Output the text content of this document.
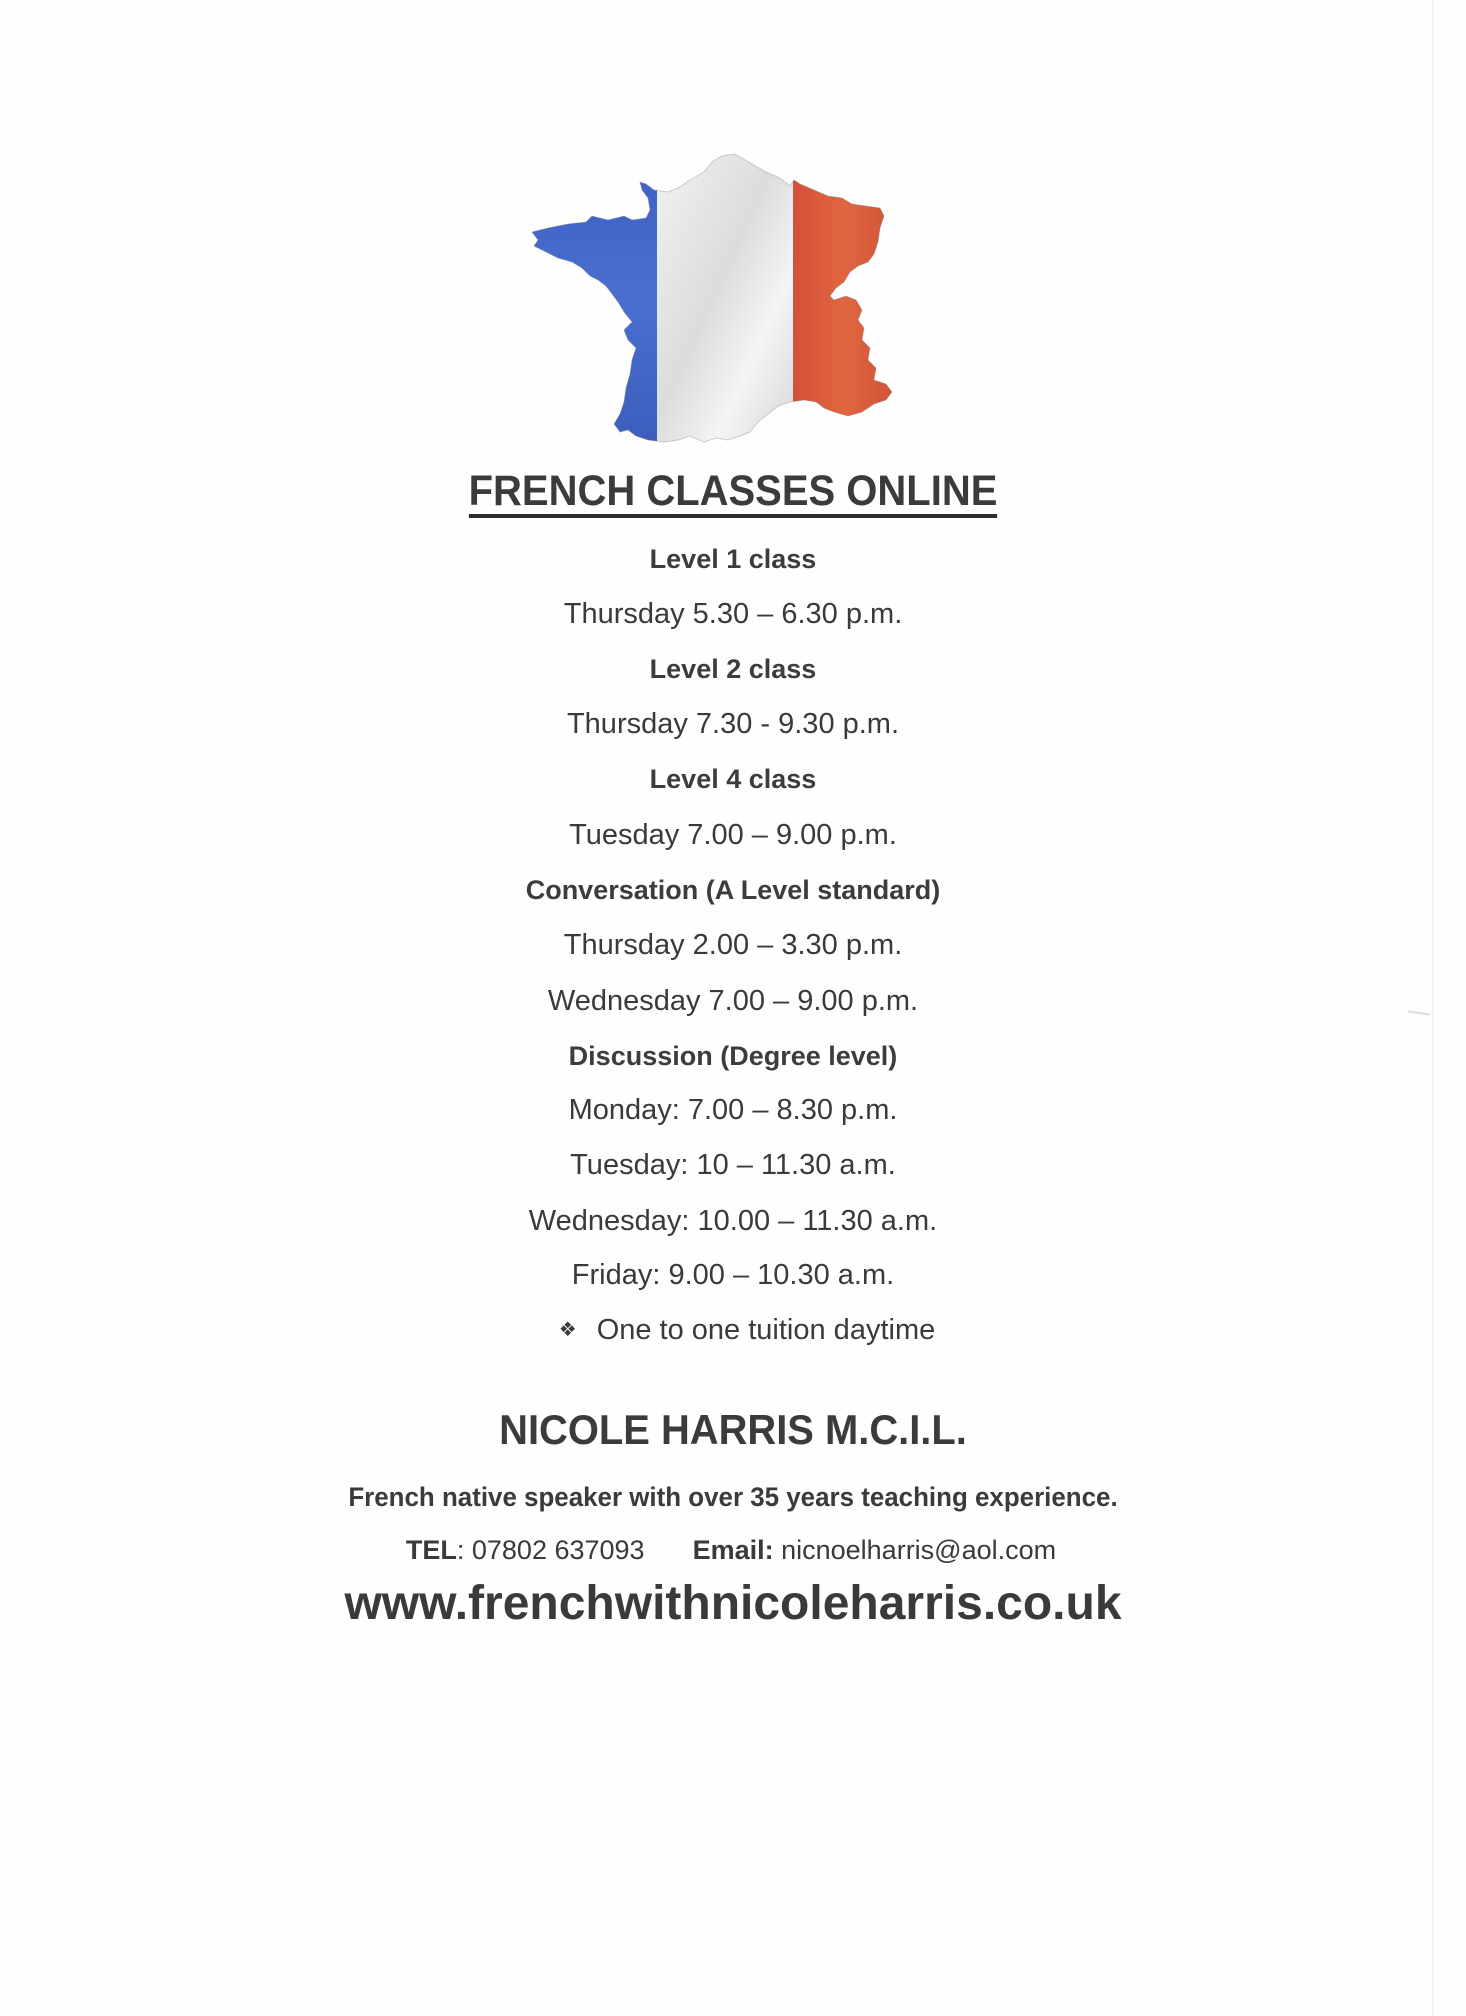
FRENCH CLASSES ONLINE
Level 1 class
Thursday 5.30 – 6.30 p.m.
Level 2 class
Thursday 7.30 - 9.30 p.m.
Level 4 class
Tuesday 7.00 – 9.00 p.m.
Conversation (A Level standard)
Thursday 2.00 – 3.30 p.m.
Wednesday 7.00 – 9.00 p.m.
Discussion (Degree level)
Monday: 7.00 – 8.30 p.m.
Tuesday: 10 – 11.30 a.m.
Wednesday: 10.00 – 11.30 a.m.
Friday: 9.00 – 10.30 a.m.
❖ One to one tuition daytime
NICOLE HARRIS M.C.I.L.
French native speaker with over 35 years teaching experience.
TEL: 07802 637093 Email: nicnoelharris@aol.com
www.frenchwithnicoleharris.co.uk
